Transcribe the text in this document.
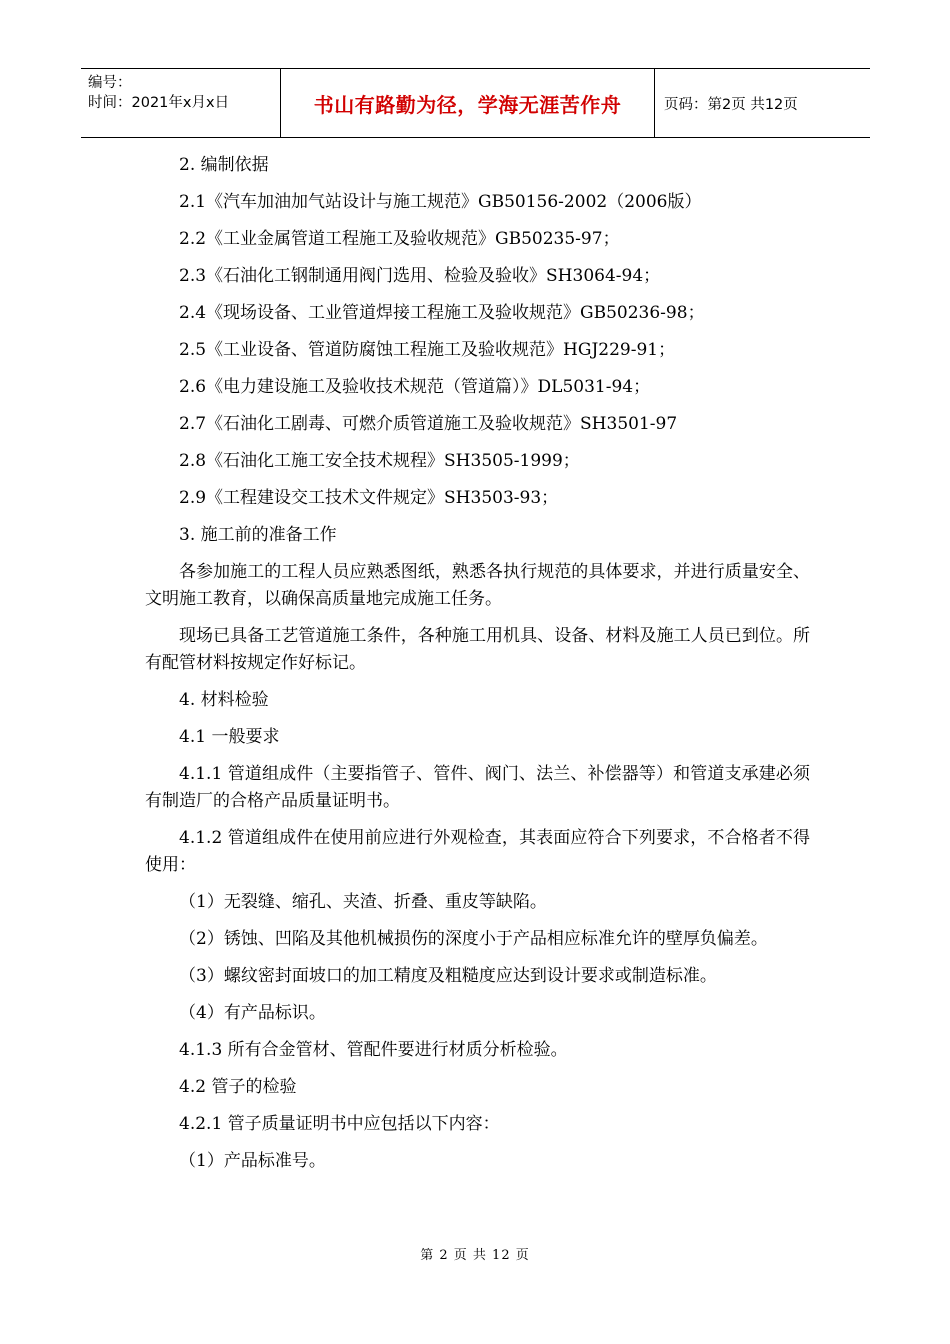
编号：
时间：2021年x月x日	书山有路勤为径，学海无涯苦作舟	页码：第2页 共12页

2. 编制依据

2.1《汽车加油加气站设计与施工规范》GB50156-2002（2006版）

2.2《工业金属管道工程施工及验收规范》GB50235-97；

2.3《石油化工钢制通用阀门选用、检验及验收》SH3064-94；

2.4《现场设备、工业管道焊接工程施工及验收规范》GB50236-98；

2.5《工业设备、管道防腐蚀工程施工及验收规范》HGJ229-91；

2.6《电力建设施工及验收技术规范（管道篇）》DL5031-94；

2.7《石油化工剧毒、可燃介质管道施工及验收规范》SH3501-97

2.8《石油化工施工安全技术规程》SH3505-1999；

2.9《工程建设交工技术文件规定》SH3503-93；

3. 施工前的准备工作

各参加施工的工程人员应熟悉图纸，熟悉各执行规范的具体要求，并进行质量安全、文明施工教育，以确保高质量地完成施工任务。

现场已具备工艺管道施工条件，各种施工用机具、设备、材料及施工人员已到位。所有配管材料按规定作好标记。

4. 材料检验

4.1 一般要求

4.1.1 管道组成件（主要指管子、管件、阀门、法兰、补偿器等）和管道支承建必须有制造厂的合格产品质量证明书。

4.1.2 管道组成件在使用前应进行外观检查，其表面应符合下列要求，不合格者不得使用：

（1）无裂缝、缩孔、夹渣、折叠、重皮等缺陷。

（2）锈蚀、凹陷及其他机械损伤的深度小于产品相应标准允许的壁厚负偏差。

（3）螺纹密封面坡口的加工精度及粗糙度应达到设计要求或制造标准。

（4）有产品标识。

4.1.3 所有合金管材、管配件要进行材质分析检验。

4.2 管子的检验

4.2.1 管子质量证明书中应包括以下内容：

（1）产品标准号。

第 2 页 共 12 页
